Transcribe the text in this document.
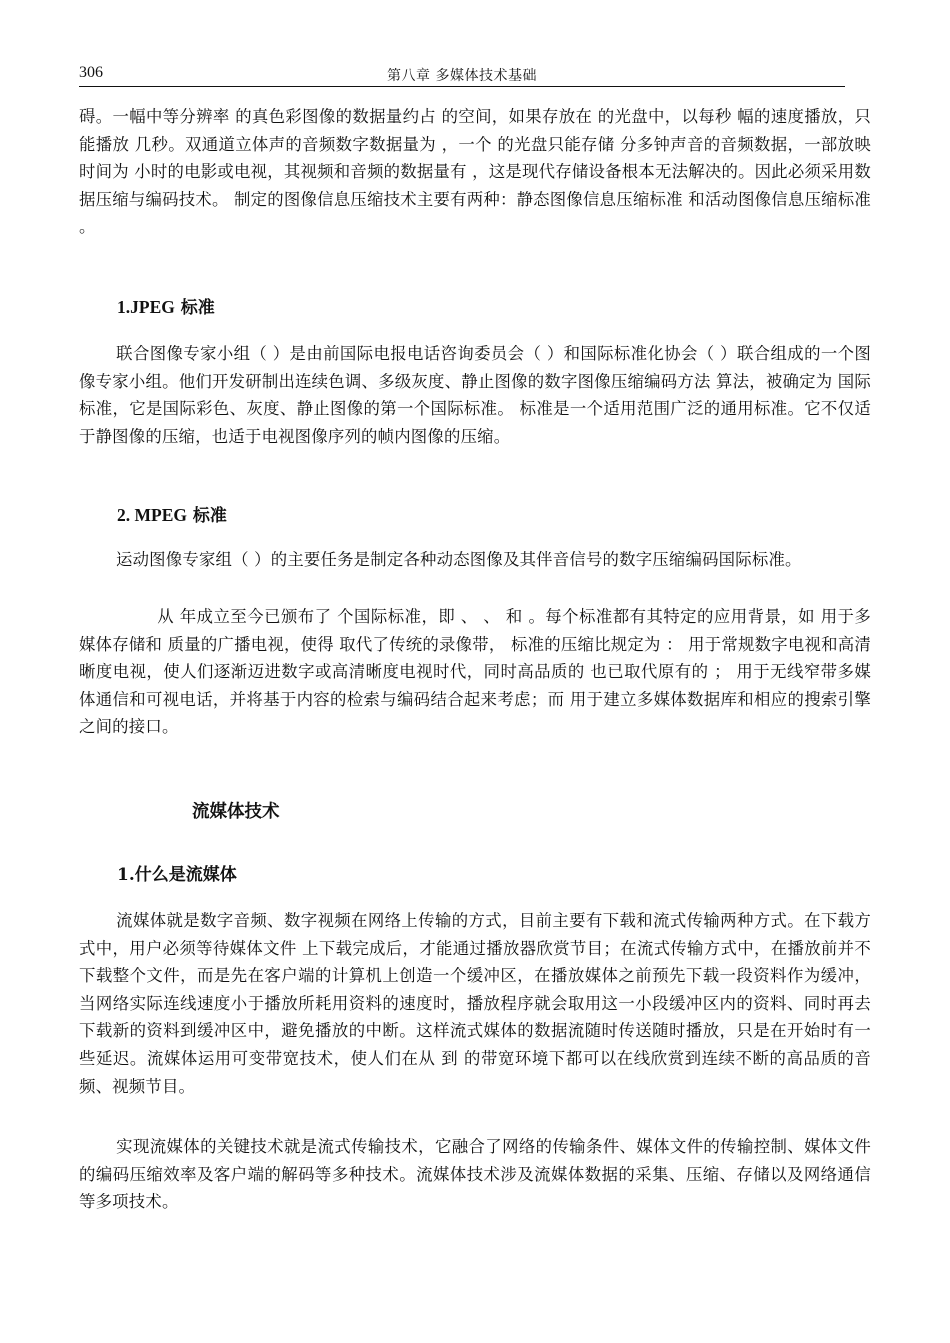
306	第八章 多媒体技术基础

碍。一幅中等分辨率 的真色彩图像的数据量约占 的空间，如果存放在 的光盘中，以每秒 幅的速度播放，只能播放 几秒。双通道立体声的音频数字数据量为 ，一个 的光盘只能存储 分多钟声音的音频数据，一部放映时间为 小时的电影或电视，其视频和音频的数据量有 ，这是现代存储设备根本无法解决的。因此必须采用数据压缩与编码技术。 制定的图像信息压缩技术主要有两种：静态图像信息压缩标准 和活动图像信息压缩标准 。

1.JPEG 标准

联合图像专家小组（ ）是由前国际电报电话咨询委员会（ ）和国际标准化协会（ ）联合组成的一个图像专家小组。他们开发研制出连续色调、多级灰度、静止图像的数字图像压缩编码方法 算法，被确定为 国际标准，它是国际彩色、灰度、静止图像的第一个国际标准。 标准是一个适用范围广泛的通用标准。它不仅适于静图像的压缩，也适于电视图像序列的帧内图像的压缩。

2. MPEG 标准

运动图像专家组（ ）的主要任务是制定各种动态图像及其伴音信号的数字压缩编码国际标准。

从 年成立至今已颁布了 个国际标准，即 、 、 和 。每个标准都有其特定的应用背景，如 用于多媒体存储和 质量的广播电视，使得 取代了传统的录像带， 标准的压缩比规定为 ： 用于常规数字电视和高清晰度电视，使人们逐渐迈进数字或高清晰度电视时代，同时高品质的 也已取代原有的 ； 用于无线窄带多媒体通信和可视电话，并将基于内容的检索与编码结合起来考虑；而 用于建立多媒体数据库和相应的搜索引擎之间的接口。

流媒体技术
1.什么是流媒体

流媒体就是数字音频、数字视频在网络上传输的方式，目前主要有下载和流式传输两种方式。在下载方式中，用户必须等待媒体文件 上下载完成后，才能通过播放器欣赏节目；在流式传输方式中，在播放前并不下载整个文件，而是先在客户端的计算机上创造一个缓冲区，在播放媒体之前预先下载一段资料作为缓冲，当网络实际连线速度小于播放所耗用资料的速度时，播放程序就会取用这一小段缓冲区内的资料、同时再去下载新的资料到缓冲区中，避免播放的中断。这样流式媒体的数据流随时传送随时播放，只是在开始时有一些延迟。流媒体运用可变带宽技术，使人们在从 到 的带宽环境下都可以在线欣赏到连续不断的高品质的音频、视频节目。

实现流媒体的关键技术就是流式传输技术，它融合了网络的传输条件、媒体文件的传输控制、媒体文件的编码压缩效率及客户端的解码等多种技术。流媒体技术涉及流媒体数据的采集、压缩、存储以及网络通信等多项技术。
